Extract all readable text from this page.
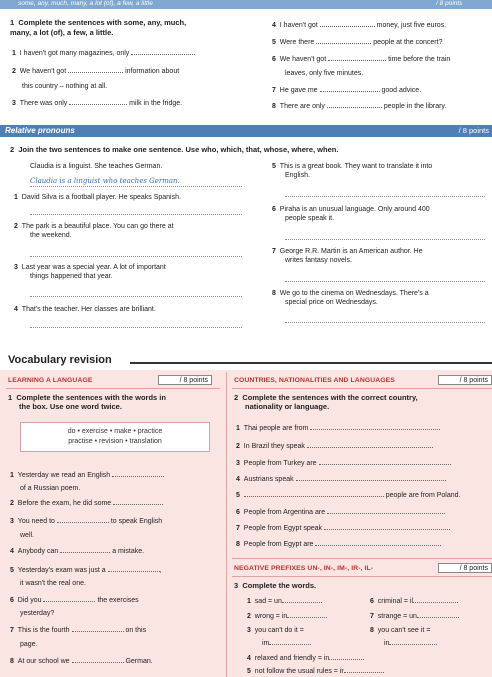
some, any, much, many, a lot (of), a few, a little	/ 8 points
1 Complete the sentences with some, any, much,
many, a lot (of), a few, a little.
1 I haven't got many magazines, only	.
2 We haven't got	information about
this country – nothing at all.
3 There was only	milk in the fridge.
4 I haven't got	money, just five euros.
5 Were there	people at the concert?
6 We haven't got	time before the train
leaves, only five minutes.
7 He gave me	good advice.
8 There are only	people in the library.
Relative pronouns	/ 8 points
2 Join the two sentences to make one sentence. Use who, which, that, whose, where, when.
Claudia is a linguist. She teaches German.
Claudia is a linguist who teaches German.
1 David Silva is a football player. He speaks Spanish.
2 The park is a beautiful place. You can go there at
the weekend.
3 Last year was a special year. A lot of important
things happened that year.
4 That's the teacher. Her classes are brilliant.
5 This is a great book. They want to translate it into
English.
6 Piraha is an unusual language. Only around 400
people speak it.
7 George R.R. Martin is an American author. He
writes fantasy novels.
8 We go to the cinema on Wednesdays. There's a
special price on Wednesdays.
Vocabulary revision
LEARNING A LANGUAGE	/ 8 points
1 Complete the sentences with the words in
the box. Use one word twice.
do • exercise • make • practice
practise • revision • translation
1 Yesterday we read an English
of a Russian poem.
2 Before the exam, he did some
3 You need to	to speak English
well.
4 Anybody can	a mistake.
5 Yesterday's exam was just a	,
it wasn't the real one.
6 Did you	the exercises
yesterday?
7 This is the fourth	on this
page.
8 At our school we	German.
COUNTRIES, NATIONALITIES AND LANGUAGES	/ 8 points
2 Complete the sentences with the correct country,
nationality or language.
1 Thai people are from
2 In Brazil they speak
3 People from Turkey are
4 Austrians speak
5	people are from Poland.
6 People from Argentina are
7 People from Egypt speak
8 People from Egypt are
NEGATIVE PREFIXES UN-, IN-, IM-, IR-, IL-	/ 8 points
3 Complete the words.
1 sad = un
2 wrong = in
3 you can't do it =
im
4 relaxed and friendly = in
5 not follow the usual rules = ir
6 criminal = il
7 strange = un
8 you can't see it =
in
